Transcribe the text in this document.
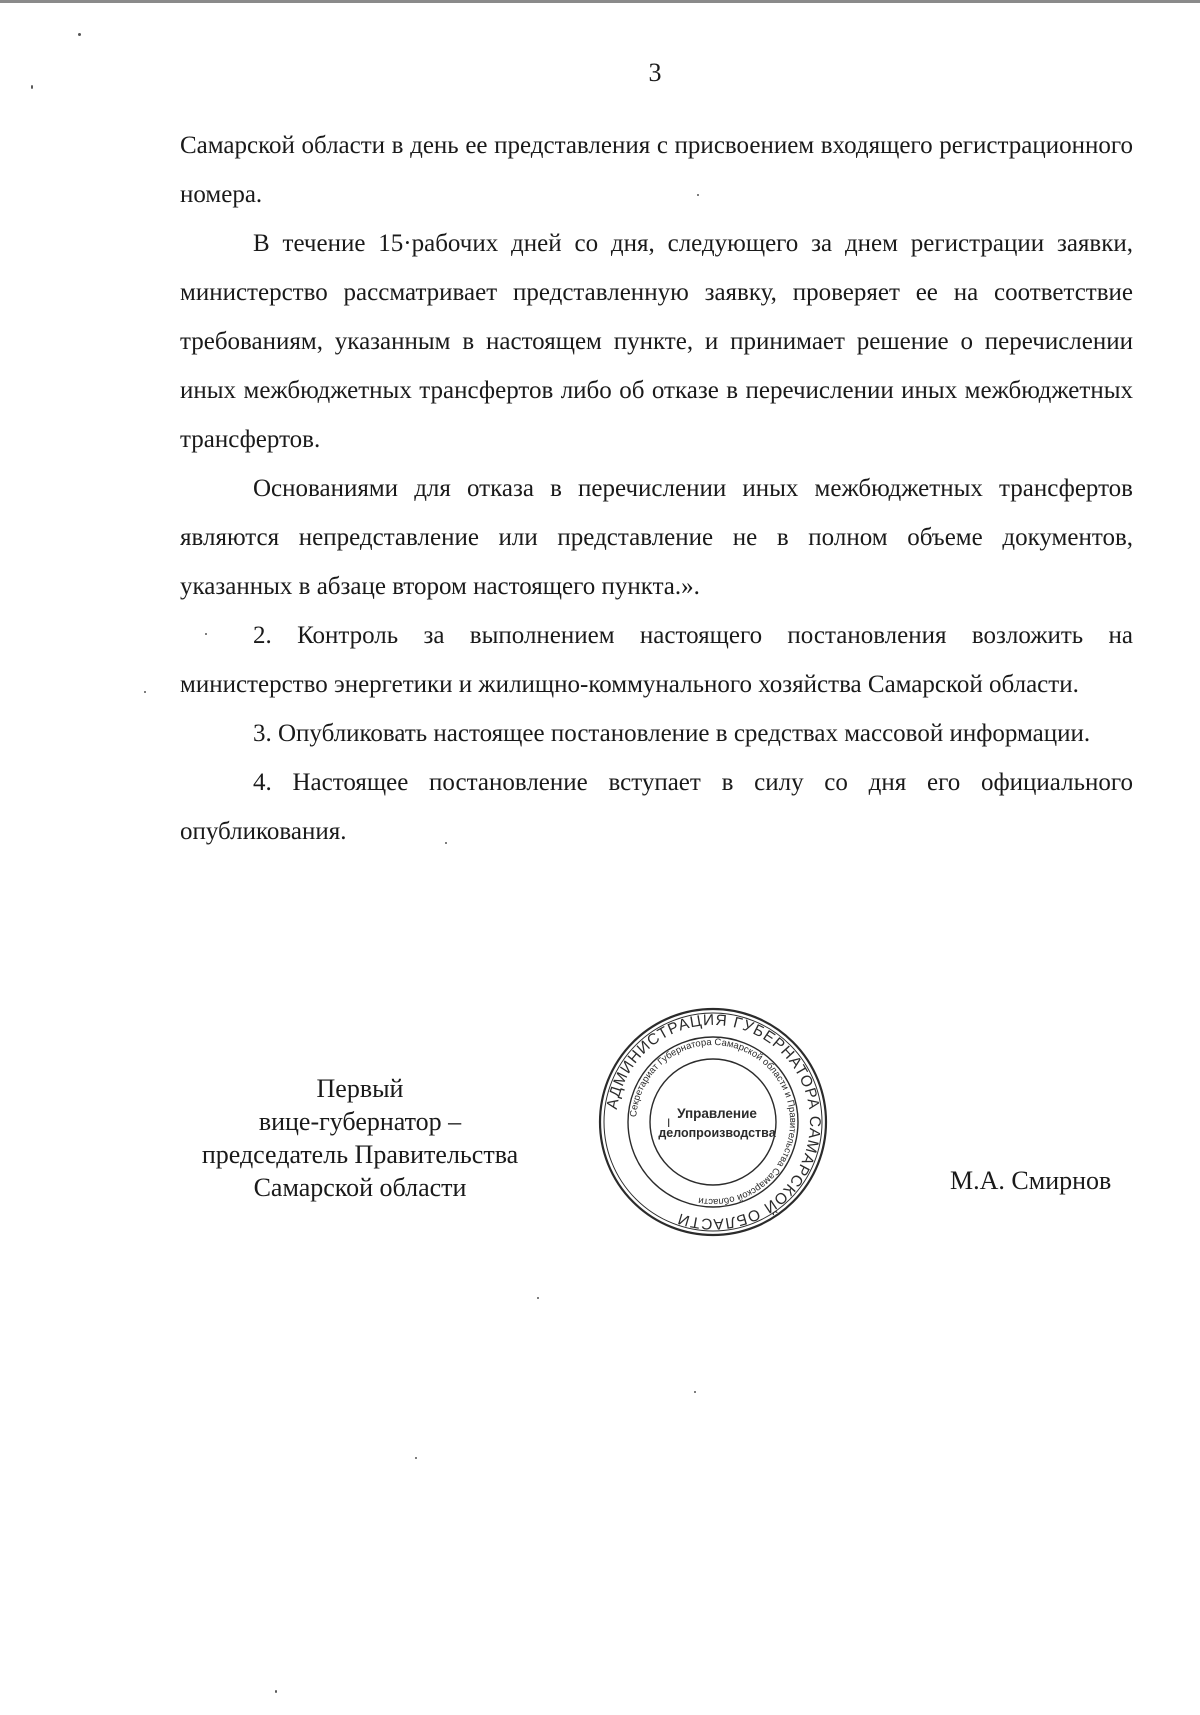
3

Самарской области в день ее представления с присвоением входящего регистрационного номера.

В течение 15·рабочих дней со дня, следующего за днем регистрации заявки, министерство рассматривает представленную заявку, проверяет ее на соответствие требованиям, указанным в настоящем пункте, и принимает решение о перечислении иных межбюджетных трансфертов либо об отказе в перечислении иных межбюджетных трансфертов.

Основаниями для отказа в перечислении иных межбюджетных трансфертов являются непредставление или представление не в полном объеме документов, указанных в абзаце втором настоящего пункта.».

2. Контроль за выполнением настоящего постановления возложить на министерство энергетики и жилищно-коммунального хозяйства Самарской области.

3. Опубликовать настоящее постановление в средствах массовой информации.

4. Настоящее постановление вступает в силу со дня его официального опубликования.

Первый
вице-губернатор –
председатель Правительства
Самарской области	М.А. Смирнов
АДМИНИСТРАЦИЯ ГУБЕРНАТОРА САМАРСКОЙ ОБЛАСТИ
Секретариат Губернатора Самарской области и Правительства Самарской области
I
Управление
делопроизводства
